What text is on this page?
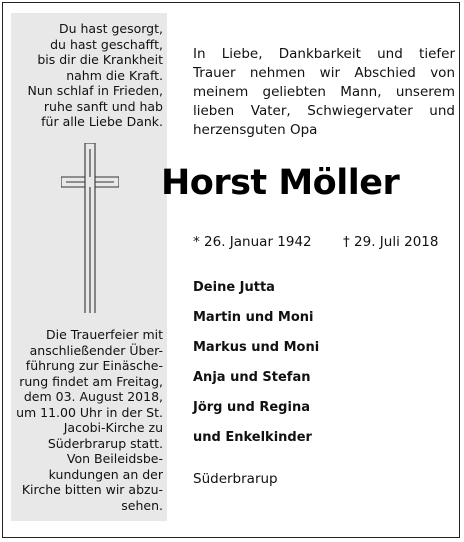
Du hast gesorgt,
du hast geschafft,
bis dir die Krankheit
nahm die Kraft.
Nun schlaf in Frieden,
ruhe sanft und hab
für alle Liebe Dank.
Die Trauerfeier mit
anschließender Über-
führung zur Einäsche-
rung findet am Freitag,
dem 03. August 2018,
um 11.00 Uhr in der St.
Jacobi-Kirche zu
Süderbrarup statt.
Von Beileidsbe-
kundungen an der
Kirche bitten wir abzu-
sehen.
In Liebe, Dankbarkeit und tiefer
Trauer nehmen wir Abschied von
meinem geliebten Mann, unserem
lieben Vater, Schwiegervater und
herzensguten Opa
Horst Möller
* 26. Januar 1942 † 29. Juli 2018
Deine Jutta
Martin und Moni
Markus und Moni
Anja und Stefan
Jörg und Regina
und Enkelkinder
Süderbrarup
